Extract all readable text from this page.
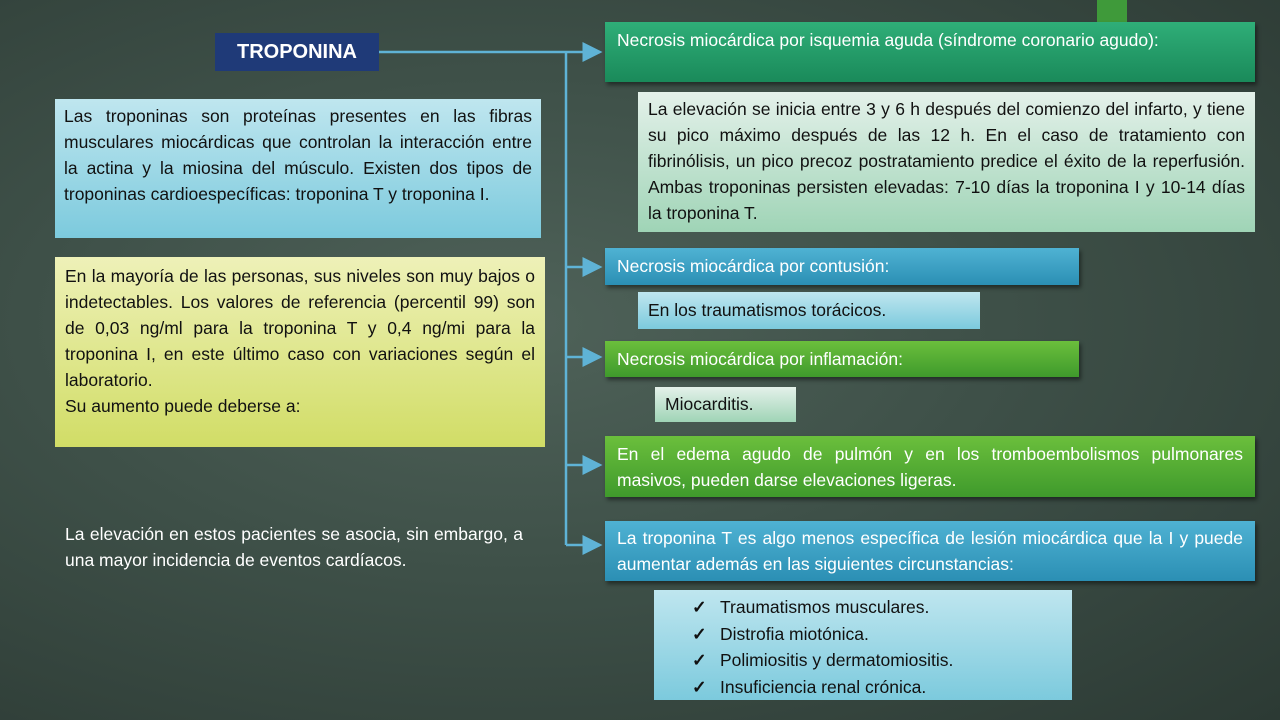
TROPONINA
Las troponinas son proteínas presentes en las fibras musculares miocárdicas que controlan la interacción entre la actina y la miosina del músculo. Existen dos tipos de troponinas cardioespecíficas: troponina T y troponina I.
En la mayoría de las personas, sus niveles son muy bajos o indetectables. Los valores de referencia (percentil 99) son de 0,03 ng/ml para la troponina T y 0,4 ng/mi para la troponina I, en este último caso con variaciones según el laboratorio.
Su aumento puede deberse a:
La elevación en estos pacientes se asocia, sin embargo, a una mayor incidencia de eventos cardíacos.
Necrosis miocárdica por isquemia aguda (síndrome coronario agudo):
La elevación se inicia entre 3 y 6 h después del comienzo del infarto, y tiene su pico máximo después de las 12 h. En el caso de tratamiento con fibrinólisis, un pico precoz postratamiento predice el éxito de la reperfusión. Ambas troponinas persisten elevadas: 7-10 días la troponina I y 10-14 días la troponina T.
Necrosis miocárdica por contusión:
En los traumatismos torácicos.
Necrosis miocárdica por inflamación:
Miocarditis.
En el edema agudo de pulmón y en los tromboembolismos pulmonares masivos, pueden darse elevaciones ligeras.
La troponina T es algo menos específica de lesión miocárdica que la I y puede aumentar además en las siguientes circunstancias:
✓ Traumatismos musculares.
✓ Distrofia miotónica.
✓ Polimiositis y dermatomiositis.
✓ Insuficiencia renal crónica.
